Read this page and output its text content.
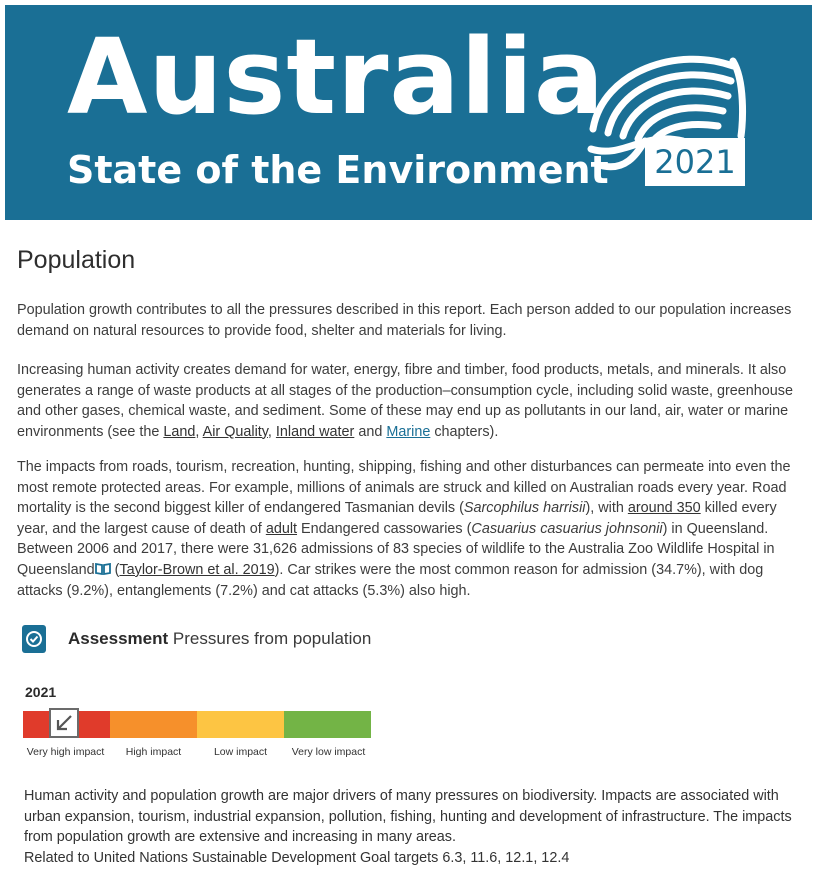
Australia
State of the Environment 2021
Population

Population growth contributes to all the pressures described in this report. Each person added to our population increases demand on natural resources to provide food, shelter and materials for living.

Increasing human activity creates demand for water, energy, fibre and timber, food products, metals, and minerals. It also generates a range of waste products at all stages of the production–consumption cycle, including solid waste, greenhouse and other gases, chemical waste, and sediment. Some of these may end up as pollutants in our land, air, water or marine environments (see the Land, Air Quality, Inland water and Marine chapters).

The impacts from roads, tourism, recreation, hunting, shipping, fishing and other disturbances can permeate into even the most remote protected areas. For example, millions of animals are struck and killed on Australian roads every year. Road mortality is the second biggest killer of endangered Tasmanian devils (Sarcophilus harrisii), with around 350 killed every year, and the largest cause of death of adult Endangered cassowaries (Casuarius casuarius johnsonii) in Queensland. Between 2006 and 2017, there were 31,626 admissions of 83 species of wildlife to the Australia Zoo Wildlife Hospital in Queensland (Taylor-Brown et al. 2019). Car strikes were the most common reason for admission (34.7%), with dog attacks (9.2%), entanglements (7.2%) and cat attacks (5.3%) also high.

Assessment Pressures from population
2021
Very high impact	High impact	Low impact	Very low impact

Human activity and population growth are major drivers of many pressures on biodiversity. Impacts are associated with urban expansion, tourism, industrial expansion, pollution, fishing, hunting and development of infrastructure. The impacts from population growth are extensive and increasing in many areas.
Related to United Nations Sustainable Development Goal targets 6.3, 11.6, 12.1, 12.4
